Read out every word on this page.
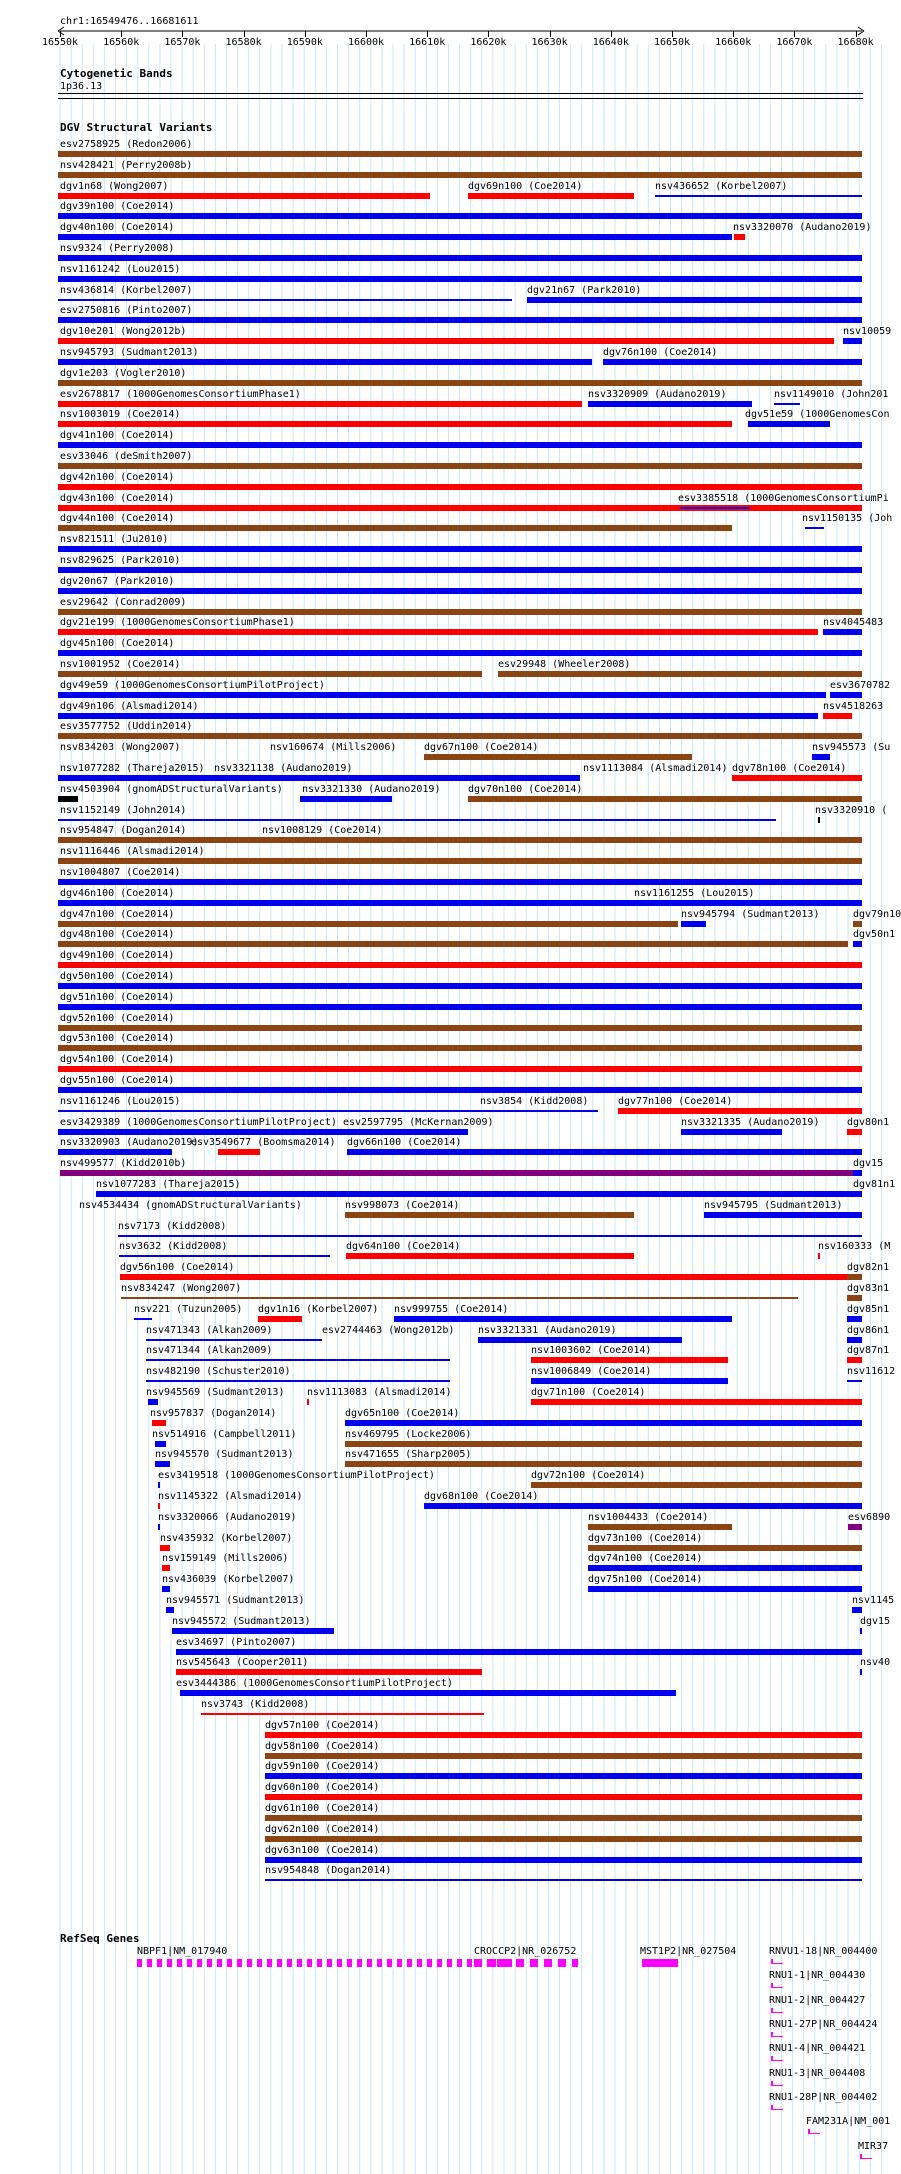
chr1:16549476..16681611
16550k	16560k	16570k	16580k	16590k	16600k	16610k	16620k	16630k	16640k	16650k	16660k	16670k	16680k
Cytogenetic Bands
1p36.13
DGV Structural Variants
esv2758925 (Redon2006)
nsv428421 (Perry2008b)
dgv1n68 (Wong2007)	dgv69n100 (Coe2014)	nsv436652 (Korbel2007)
dgv39n100 (Coe2014)
dgv40n100 (Coe2014)	nsv3320070 (Audano2019)
nsv9324 (Perry2008)
nsv1161242 (Lou2015)
nsv436814 (Korbel2007)	dgv21n67 (Park2010)
esv2750816 (Pinto2007)
dgv10e201 (Wong2012b)	nsv10059
nsv945793 (Sudmant2013)	dgv76n100 (Coe2014)
dgv1e203 (Vogler2010)
esv2678817 (1000GenomesConsortiumPhase1)	nsv3320909 (Audano2019)	nsv1149010 (John201
nsv1003019 (Coe2014)	dgv51e59 (1000GenomesCon
dgv41n100 (Coe2014)
esv33046 (deSmith2007)
dgv42n100 (Coe2014)
dgv43n100 (Coe2014)	esv3385518 (1000GenomesConsortiumPi
dgv44n100 (Coe2014)	nsv1150135 (Joh
nsv821511 (Ju2010)
nsv829625 (Park2010)
dgv20n67 (Park2010)
esv29642 (Conrad2009)
dgv21e199 (1000GenomesConsortiumPhase1)	nsv4045483
dgv45n100 (Coe2014)
nsv1001952 (Coe2014)	esv29948 (Wheeler2008)
dgv49e59 (1000GenomesConsortiumPilotProject)	esv3670782
dgv49n106 (Alsmadi2014)	nsv4518263
esv3577752 (Uddin2014)
nsv834203 (Wong2007)	nsv160674 (Mills2006)	dgv67n100 (Coe2014)	nsv945573 (Su
nsv1077282 (Thareja2015) nsv3321138 (Audano2019)	nsv1113084 (Alsmadi2014) dgv78n100 (Coe2014)
nsv4503904 (gnomADStructuralVariants) nsv3321330 (Audano2019)	dgv70n100 (Coe2014)
nsv1152149 (John2014)	nsv3320910 (
nsv954847 (Dogan2014)	nsv1008129 (Coe2014)
nsv1116446 (Alsmadi2014)
nsv1004807 (Coe2014)
dgv46n100 (Coe2014)	nsv1161255 (Lou2015)
dgv47n100 (Coe2014)	nsv945794 (Sudmant2013)	dgv79n10
dgv48n100 (Coe2014)	dgv50n1
dgv49n100 (Coe2014)
dgv50n100 (Coe2014)
dgv51n100 (Coe2014)
dgv52n100 (Coe2014)
dgv53n100 (Coe2014)
dgv54n100 (Coe2014)
dgv55n100 (Coe2014)
nsv1161246 (Lou2015)	nsv3854 (Kidd2008)	dgv77n100 (Coe2014)
esv3429389 (1000GenomesConsortiumPilotProject) esv2597795 (McKernan2009)	nsv3321335 (Audano2019)	dgv80n1
nsv3320903 (Audano2019)
esv3549677 (Boomsma2014) dgv66n100 (Coe2014)
nsv499577 (Kidd2010b)	dgv15
nsv1077283 (Thareja2015)	dgv81n1
nsv4534434 (gnomADStructuralVariants)	nsv998073 (Coe2014)	nsv945795 (Sudmant2013)
nsv7173 (Kidd2008)
nsv3632 (Kidd2008)	dgv64n100 (Coe2014)	nsv160333 (M
dgv56n100 (Coe2014)	dgv82n1
nsv834247 (Wong2007)	dgv83n1
nsv221 (Tuzun2005) dgv1n16 (Korbel2007) nsv999755 (Coe2014)	dgv85n1
nsv471343 (Alkan2009)	esv2744463 (Wong2012b) nsv3321331 (Audano2019)	dgv86n1
nsv471344 (Alkan2009)	nsv1003602 (Coe2014)	dgv87n1
nsv482190 (Schuster2010)	nsv1006849 (Coe2014)	nsv11612
nsv945569 (Sudmant2013) nsv1113083 (Alsmadi2014)	dgv71n100 (Coe2014)
nsv957837 (Dogan2014)	dgv65n100 (Coe2014)
nsv514916 (Campbell2011)	nsv469795 (Locke2006)
nsv945570 (Sudmant2013)	nsv471655 (Sharp2005)
esv3419518 (1000GenomesConsortiumPilotProject)	dgv72n100 (Coe2014)
nsv1145322 (Alsmadi2014)	dgv68n100 (Coe2014)
nsv3320066 (Audano2019)	nsv1004433 (Coe2014)	esv6890
nsv435932 (Korbel2007)	dgv73n100 (Coe2014)
nsv159149 (Mills2006)	dgv74n100 (Coe2014)
nsv436039 (Korbel2007)	dgv75n100 (Coe2014)
nsv945571 (Sudmant2013)	nsv1145
nsv945572 (Sudmant2013)	dgv15
esv34697 (Pinto2007)
nsv545643 (Cooper2011)	nsv40
esv3444386 (1000GenomesConsortiumPilotProject)
nsv3743 (Kidd2008)
dgv57n100 (Coe2014)
dgv58n100 (Coe2014)
dgv59n100 (Coe2014)
dgv60n100 (Coe2014)
dgv61n100 (Coe2014)
dgv62n100 (Coe2014)
dgv63n100 (Coe2014)
nsv954848 (Dogan2014)
RefSeq Genes
NBPF1|NM_017940	CROCCP2|NR_026752	MST1P2|NR_027504	RNVU1-18|NR_004400
RNU1-1|NR_004430
RNU1-2|NR_004427
RNU1-27P|NR_004424
RNU1-4|NR_004421
RNU1-3|NR_004408
RNU1-28P|NR_004402
FAM231A|NM_001
MIR37
